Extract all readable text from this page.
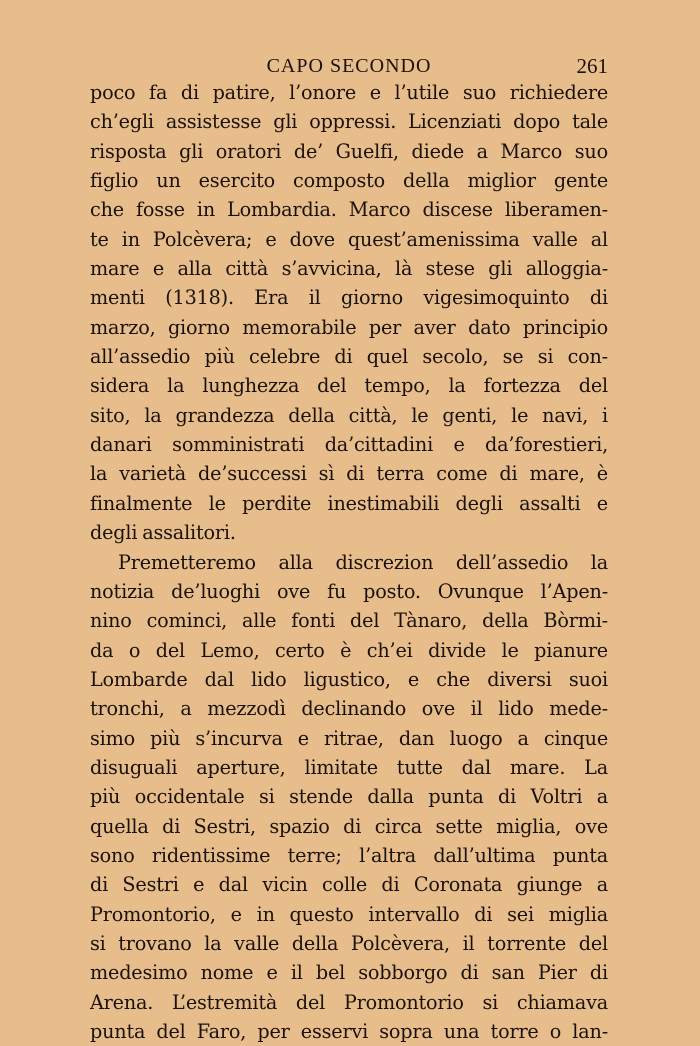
CAPO SECONDO	261
poco fa di patire, l’onore e l’utile suo richiedere
ch’egli assistesse gli oppressi. Licenziati dopo tale
risposta gli oratori de’ Guelfi, diede a Marco suo
figlio un esercito composto della miglior gente
che fosse in Lombardia. Marco discese liberamen-
te in Polcèvera; e dove quest’amenissima valle al
mare e alla città s’avvicina, là stese gli alloggia-
menti (1318). Era il giorno vigesimoquinto di
marzo, giorno memorabile per aver dato principio
all’assedio più celebre di quel secolo, se si con-
sidera la lunghezza del tempo, la fortezza del
sito, la grandezza della città, le genti, le navi, i
danari somministrati da’cittadini e da’forestieri,
la varietà de’successi sì di terra come di mare, è
finalmente le perdite inestimabili degli assalti e
degli assalitori.
Premetteremo alla discrezion dell’assedio la
notizia de’luoghi ove fu posto. Ovunque l’Apen-
nino cominci, alle fonti del Tànaro, della Bòrmi-
da o del Lemo, certo è ch’ei divide le pianure
Lombarde dal lido ligustico, e che diversi suoi
tronchi, a mezzodì declinando ove il lido mede-
simo più s’incurva e ritrae, dan luogo a cinque
disuguali aperture, limitate tutte dal mare. La
più occidentale si stende dalla punta di Voltri a
quella di Sestri, spazio di circa sette miglia, ove
sono ridentissime terre; l’altra dall’ultima punta
di Sestri e dal vicin colle di Coronata giunge a
Promontorio, e in questo intervallo di sei miglia
si trovano la valle della Polcèvera, il torrente del
medesimo nome e il bel sobborgo di san Pier di
Arena. L’estremità del Promontorio si chiamava
punta del Faro, per esservi sopra una torre o lan-
